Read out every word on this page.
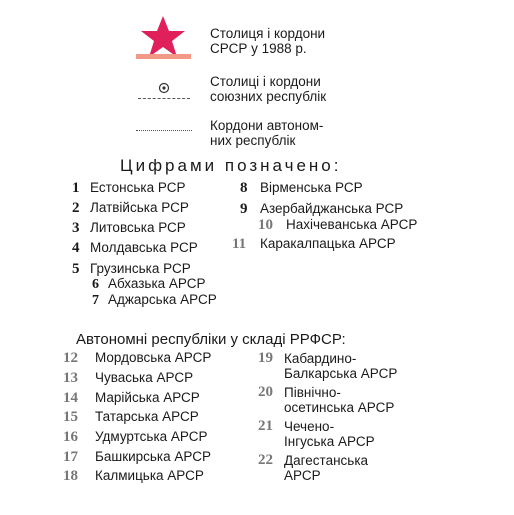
Столиця і кордони
СРСР у 1988 р.
Столиці і кордони
союзних республік
Кордони автоном-
них республік
Цифрами позначено:
1 Естонська РСР
2 Латвійська РСР
3 Литовська РСР
4 Молдавська РСР
5 Грузинська РСР
6 Абхазька АРСР
7 Аджарська АРСР
8 Вірменська РСР
9 Азербайджанська РСР
10 Нахічеванська АРСР
11	Каракалпацька АРСР
Автономні республіки у складі РРФСР:
12	Мордовська АРСР
13	Чуваська АРСР
14	Марійська АРСР
15	Татарська АРСР
16	Удмуртська АРСР
17	Башкирська АРСР
18	Калмицька АРСР
19 Кабардино-
Балкарська АРСР
20 Північно-
осетинська АРСР
21 Чечено-
Інгуська АРСР
22 Дагестанська
АРСР
